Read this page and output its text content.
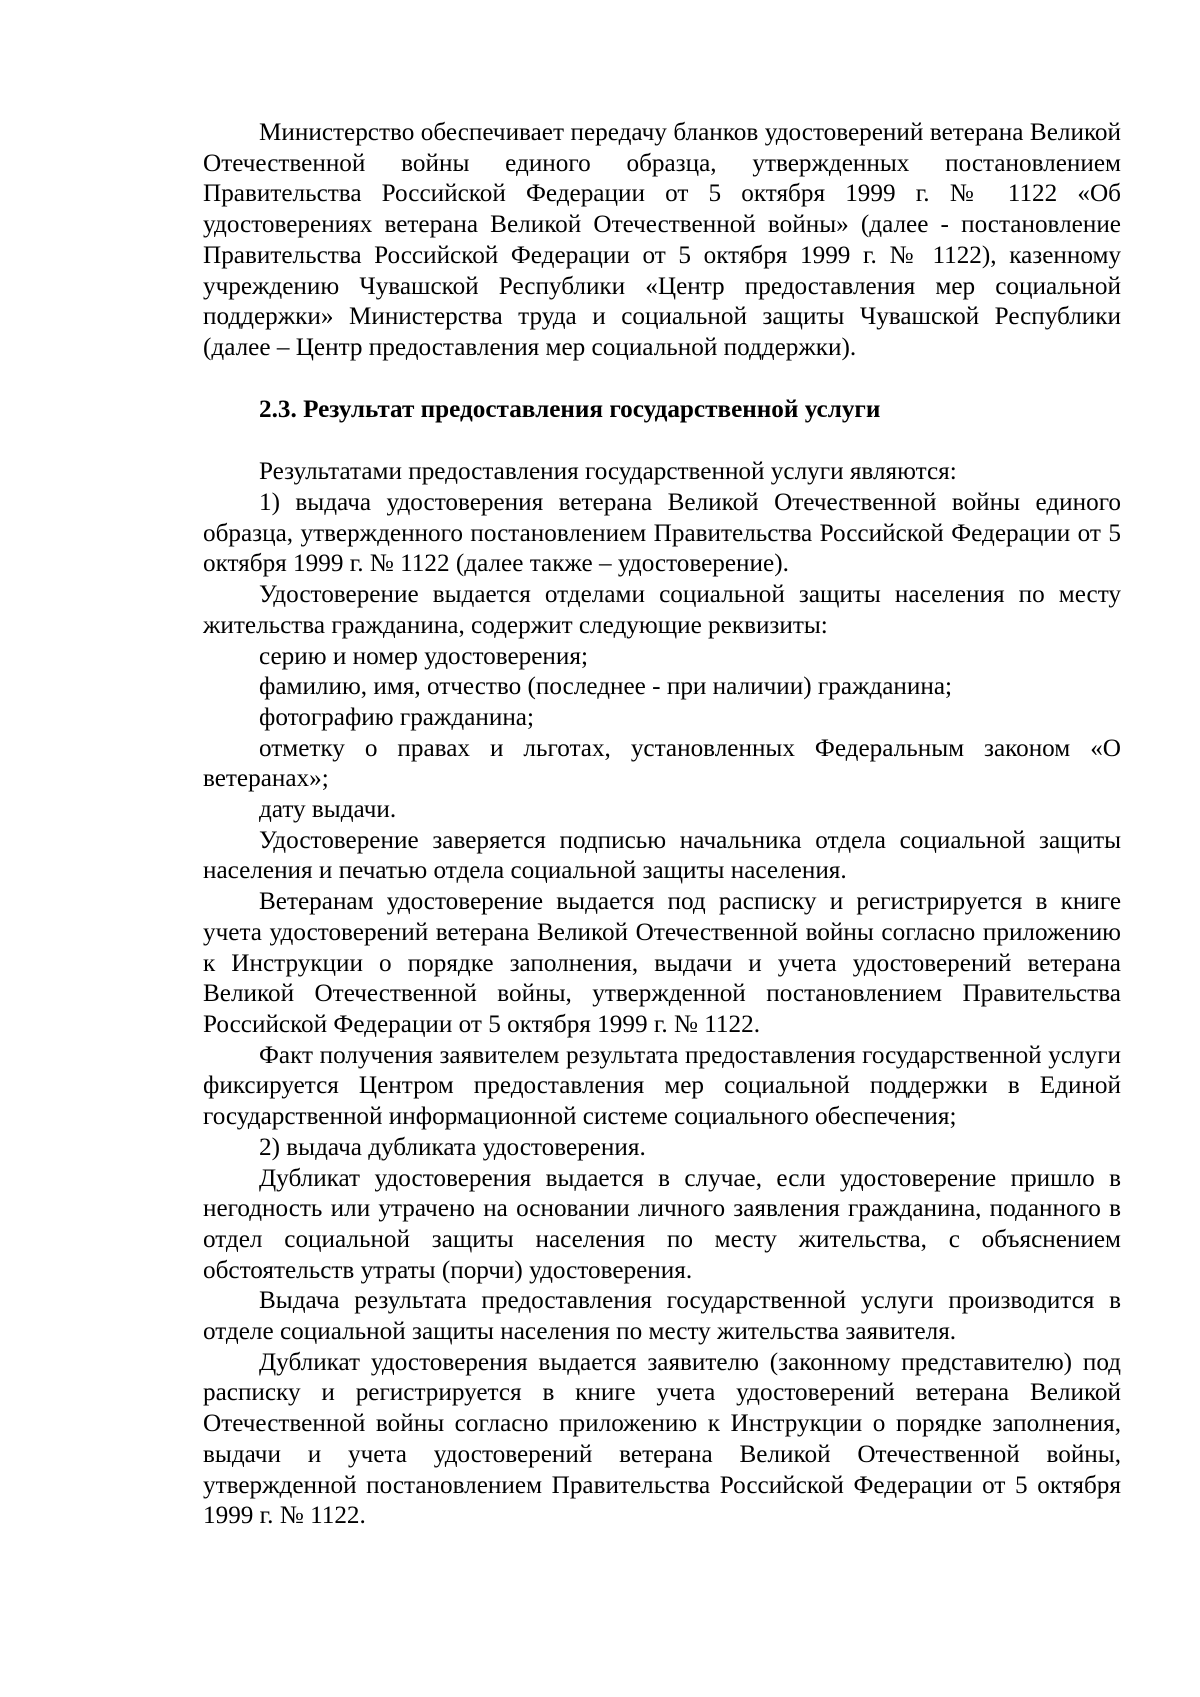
Министерство обеспечивает передачу бланков удостоверений ветерана Великой Отечественной войны единого образца, утвержденных постановлением Правительства Российской Федерации от 5 октября 1999 г. № 1122 «Об удостоверениях ветерана Великой Отечественной войны» (далее - постановление Правительства Российской Федерации от 5 октября 1999 г. № 1122), казенному учреждению Чувашской Республики «Центр предоставления мер социальной поддержки» Министерства труда и социальной защиты Чувашской Республики (далее – Центр предоставления мер социальной поддержки).

2.3. Результат предоставления государственной услуги

Результатами предоставления государственной услуги являются:

1) выдача удостоверения ветерана Великой Отечественной войны единого образца, утвержденного постановлением Правительства Российской Федерации от 5 октября 1999 г. № 1122 (далее также – удостоверение).

Удостоверение выдается отделами социальной защиты населения по месту жительства гражданина, содержит следующие реквизиты:

серию и номер удостоверения;

фамилию, имя, отчество (последнее - при наличии) гражданина;

фотографию гражданина;

отметку о правах и льготах, установленных Федеральным законом «О ветеранах»;

дату выдачи.

Удостоверение заверяется подписью начальника отдела социальной защиты населения и печатью отдела социальной защиты населения.

Ветеранам удостоверение выдается под расписку и регистрируется в книге учета удостоверений ветерана Великой Отечественной войны согласно приложению к Инструкции о порядке заполнения, выдачи и учета удостоверений ветерана Великой Отечественной войны, утвержденной постановлением Правительства Российской Федерации от 5 октября 1999 г. № 1122.

Факт получения заявителем результата предоставления государственной услуги фиксируется Центром предоставления мер социальной поддержки в Единой государственной информационной системе социального обеспечения;

2) выдача дубликата удостоверения.

Дубликат удостоверения выдается в случае, если удостоверение пришло в негодность или утрачено на основании личного заявления гражданина, поданного в отдел социальной защиты населения по месту жительства, с объяснением обстоятельств утраты (порчи) удостоверения.

Выдача результата предоставления государственной услуги производится в отделе социальной защиты населения по месту жительства заявителя.

Дубликат удостоверения выдается заявителю (законному представителю) под расписку и регистрируется в книге учета удостоверений ветерана Великой Отечественной войны согласно приложению к Инструкции о порядке заполнения, выдачи и учета удостоверений ветерана Великой Отечественной войны, утвержденной постановлением Правительства Российской Федерации от 5 октября 1999 г. № 1122.
